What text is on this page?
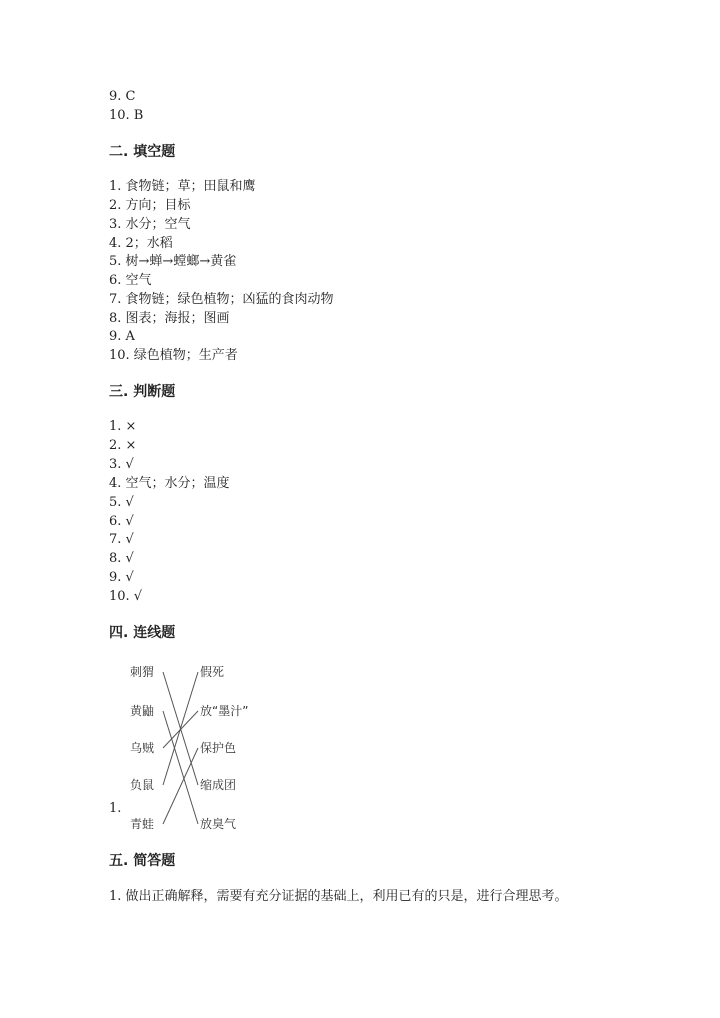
9. C
10. B
二. 填空题
1. 食物链；草；田鼠和鹰
2. 方向；目标
3. 水分；空气
4. 2；水稻
5. 树→蝉→螳螂→黄雀
6. 空气
7. 食物链；绿色植物；凶猛的食肉动物
8. 图表；海报；图画
9. A
10. 绿色植物；生产者
三. 判断题
1. ×
2. ×
3. √
4. 空气；水分；温度
5. √
6. √
7. √
8. √
9. √
10. √
四. 连线题
刺猬
黄鼬
乌贼
负鼠
青蛙
假死
放“墨汁”
保护色
缩成团
放臭气
1.
五. 简答题
1. 做出正确解释，需要有充分证据的基础上，利用已有的只是，进行合理思考。
